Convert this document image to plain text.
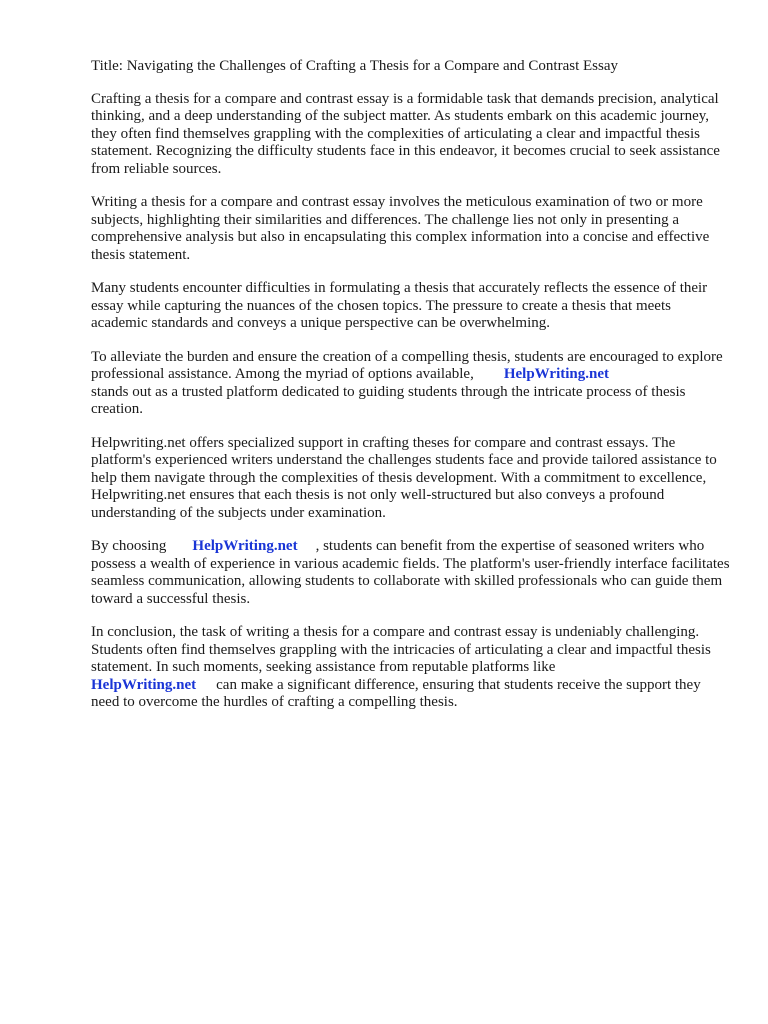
Title: Navigating the Challenges of Crafting a Thesis for a Compare and Contrast Essay

Crafting a thesis for a compare and contrast essay is a formidable task that demands precision, analytical thinking, and a deep understanding of the subject matter. As students embark on this academic journey, they often find themselves grappling with the complexities of articulating a clear and impactful thesis statement. Recognizing the difficulty students face in this endeavor, it becomes crucial to seek assistance from reliable sources.

Writing a thesis for a compare and contrast essay involves the meticulous examination of two or more subjects, highlighting their similarities and differences. The challenge lies not only in presenting a comprehensive analysis but also in encapsulating this complex information into a concise and effective thesis statement.

Many students encounter difficulties in formulating a thesis that accurately reflects the essence of their essay while capturing the nuances of the chosen topics. The pressure to create a thesis that meets academic standards and conveys a unique perspective can be overwhelming.

To alleviate the burden and ensure the creation of a compelling thesis, students are encouraged to explore professional assistance. Among the myriad of options available, HelpWriting.net
stands out as a trusted platform dedicated to guiding students through the intricate process of thesis creation.

Helpwriting.net offers specialized support in crafting theses for compare and contrast essays. The platform's experienced writers understand the challenges students face and provide tailored assistance to help them navigate through the complexities of thesis development. With a commitment to excellence, Helpwriting.net ensures that each thesis is not only well-structured but also conveys a profound understanding of the subjects under examination.

By choosing HelpWriting.net , students can benefit from the expertise of seasoned writers who possess a wealth of experience in various academic fields. The platform's user-friendly interface facilitates seamless communication, allowing students to collaborate with skilled professionals who can guide them toward a successful thesis.

In conclusion, the task of writing a thesis for a compare and contrast essay is undeniably challenging. Students often find themselves grappling with the intricacies of articulating a clear and impactful thesis statement. In such moments, seeking assistance from reputable platforms like
HelpWriting.net can make a significant difference, ensuring that students receive the support they need to overcome the hurdles of crafting a compelling thesis.
